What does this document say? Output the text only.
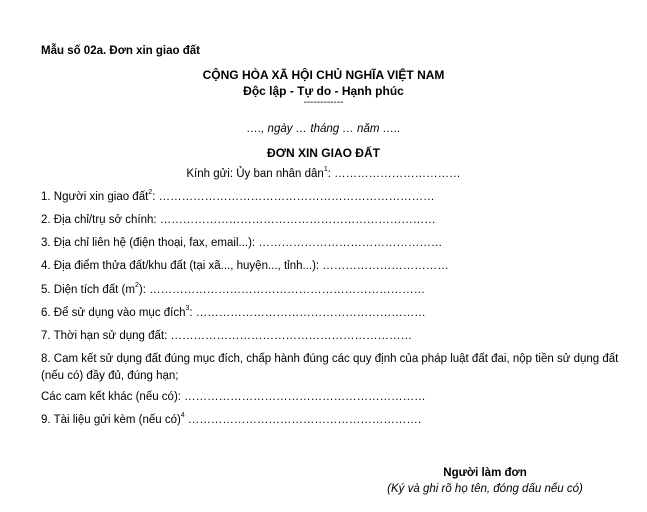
Mẫu số 02a. Đơn xin giao đất
CỘNG HÒA XÃ HỘI CHỦ NGHĨA VIỆT NAM
Độc lập - Tự do - Hạnh phúc
------------
…., ngày … tháng … năm …..
ĐƠN XIN GIAO ĐẤT
Kính gửi: Ủy ban nhân dân$^1$: ……………………………
1. Người xin giao đất$^2$: ………………………………………………………………
2. Địa chỉ/trụ sở chính: ………………………………………………………………
3. Địa chỉ liên hệ (điện thoại, fax, email...): …………………………………………
4. Địa điểm thửa đất/khu đất (tại xã..., huyện..., tỉnh...): ……………………………
5. Diện tích đất $(m^2)$: ………………………………………………………………
6. Để sử dụng vào mục đích$^3$: ……………………………………………………
7. Thời hạn sử dụng đất: ………………………………………………………
8. Cam kết sử dụng đất đúng mục đích, chấp hành đúng các quy định của pháp luật đất đai, nộp tiền sử dụng đất (nếu có) đầy đủ, đúng hạn;
Các cam kết khác (nếu có): ………………………………………………………
9. Tài liệu gửi kèm (nếu có)$^4$ …………………………………………………….
Người làm đơn
(Ký và ghi rõ họ tên, đóng dấu nếu có)
